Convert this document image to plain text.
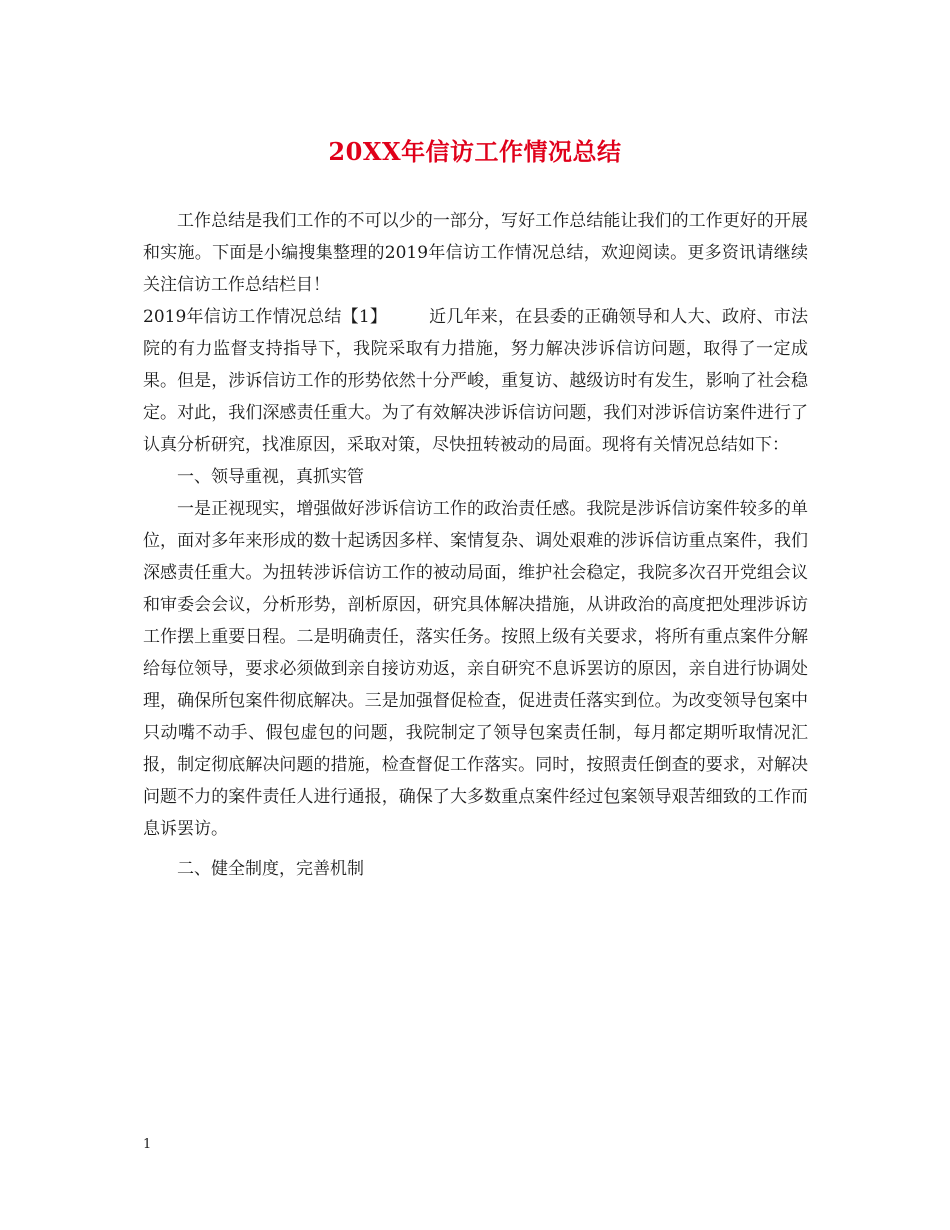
20XX年信访工作情况总结

工作总结是我们工作的不可以少的一部分，写好工作总结能让我们的工作更好的开展和实施。下面是小编搜集整理的2019年信访工作情况总结，欢迎阅读。更多资讯请继续关注信访工作总结栏目！

2019年信访工作情况总结【1】 近几年来，在县委的正确领导和人大、政府、市法院的有力监督支持指导下，我院采取有力措施，努力解决涉诉信访问题，取得了一定成果。但是，涉诉信访工作的形势依然十分严峻，重复访、越级访时有发生，影响了社会稳定。对此，我们深感责任重大。为了有效解决涉诉信访问题，我们对涉诉信访案件进行了认真分析研究，找准原因，采取对策，尽快扭转被动的局面。现将有关情况总结如下：

一、领导重视，真抓实管

一是正视现实，增强做好涉诉信访工作的政治责任感。我院是涉诉信访案件较多的单位，面对多年来形成的数十起诱因多样、案情复杂、调处艰难的涉诉信访重点案件，我们深感责任重大。为扭转涉诉信访工作的被动局面，维护社会稳定，我院多次召开党组会议和审委会会议，分析形势，剖析原因，研究具体解决措施，从讲政治的高度把处理涉诉访工作摆上重要日程。二是明确责任，落实任务。按照上级有关要求，将所有重点案件分解给每位领导，要求必须做到亲自接访劝返，亲自研究不息诉罢访的原因，亲自进行协调处理，确保所包案件彻底解决。三是加强督促检查，促进责任落实到位。为改变领导包案中只动嘴不动手、假包虚包的问题，我院制定了领导包案责任制，每月都定期听取情况汇报，制定彻底解决问题的措施，检查督促工作落实。同时，按照责任倒查的要求，对解决问题不力的案件责任人进行通报，确保了大多数重点案件经过包案领导艰苦细致的工作而息诉罢访。

二、健全制度，完善机制

1
